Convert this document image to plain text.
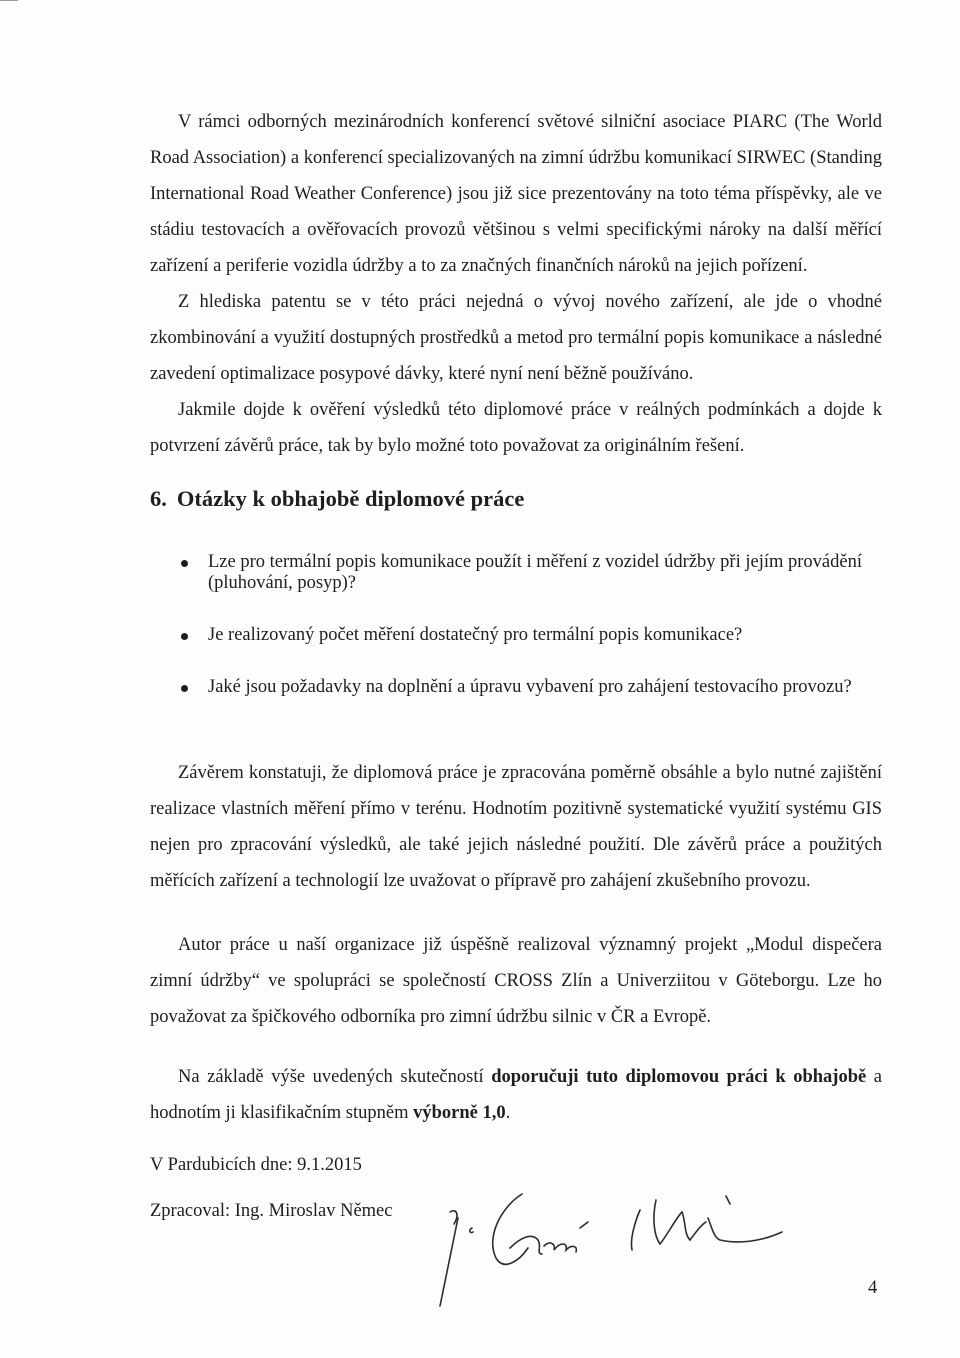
V rámci odborných mezinárodních konferencí světové silniční asociace PIARC (The World Road Association) a konferencí specializovaných na zimní údržbu komunikací SIRWEC (Standing International Road Weather Conference) jsou již sice prezentovány na toto téma příspěvky, ale ve stádiu testovacích a ověřovacích provozů většinou s velmi specifickými nároky na další měřící zařízení a periferie vozidla údržby a to za značných finančních nároků na jejich pořízení.

Z hlediska patentu se v této práci nejedná o vývoj nového zařízení, ale jde o vhodné zkombinování a využití dostupných prostředků a metod pro termální popis komunikace a následné zavedení optimalizace posypové dávky, které nyní není běžně používáno.

Jakmile dojde k ověření výsledků této diplomové práce v reálných podmínkách a dojde k potvrzení závěrů práce, tak by bylo možné toto považovat za originálním řešení.

6. Otázky k obhajobě diplomové práce
Lze pro termální popis komunikace použít i měření z vozidel údržby při jejím provádění (pluhování, posyp)?
Je realizovaný počet měření dostatečný pro termální popis komunikace?
Jaké jsou požadavky na doplnění a úpravu vybavení pro zahájení testovacího provozu?

Závěrem konstatuji, že diplomová práce je zpracována poměrně obsáhle a bylo nutné zajištění realizace vlastních měření přímo v terénu. Hodnotím pozitivně systematické využití systému GIS nejen pro zpracování výsledků, ale také jejich následné použití. Dle závěrů práce a použitých měřících zařízení a technologií lze uvažovat o přípravě pro zahájení zkušebního provozu.

Autor práce u naší organizace již úspěšně realizoval významný projekt „Modul dispečera zimní údržby“ ve spolupráci se společností CROSS Zlín a Univerziitou v Göteborgu. Lze ho považovat za špičkového odborníka pro zimní údržbu silnic v ČR a Evropě.

Na základě výše uvedených skutečností doporučuji tuto diplomovou práci k obhajobě a hodnotím ji klasifikačním stupněm výborně 1,0.

V Pardubicích dne: 9.1.2015
Zpracoval: Ing. Miroslav Němec
4
